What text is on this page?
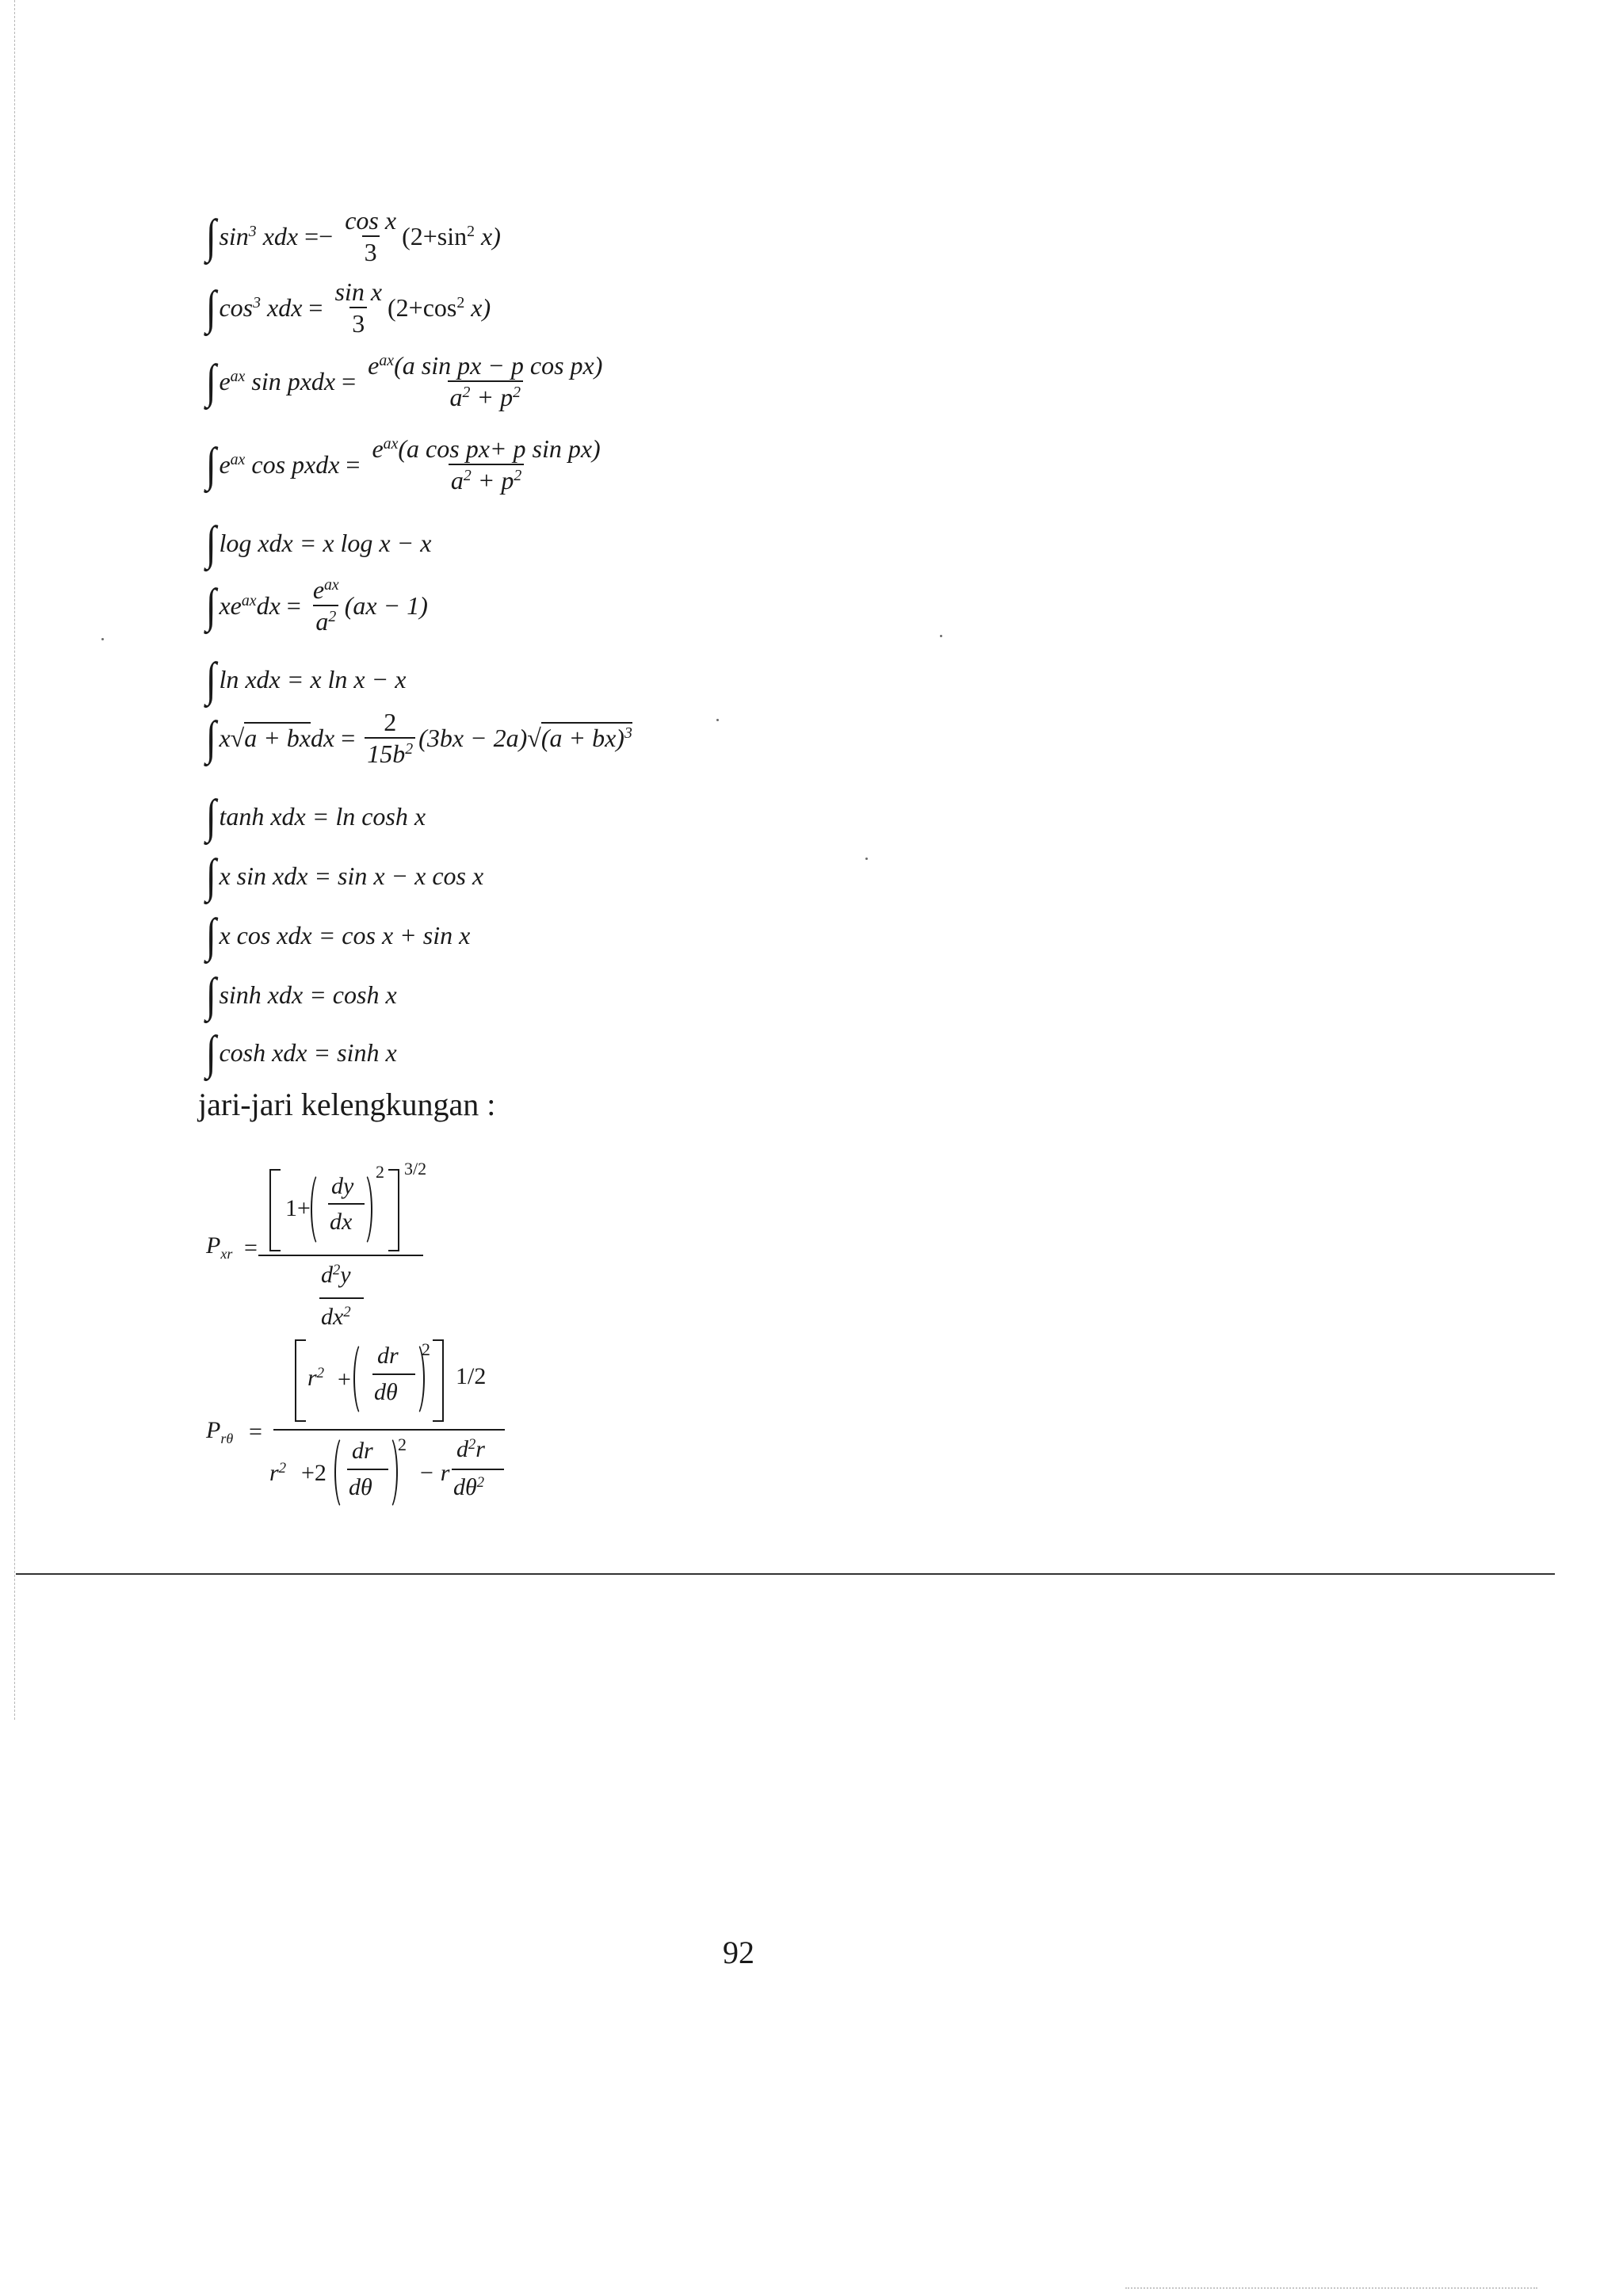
∫ $\sin^3$ xdx =− $\frac{\text{cos x}}{3} (2+\sin^2$ x)
∫ $\cos^3$ xdx = $\frac{\text{sin x}}{3} (2+\cos^2$ x)
∫ $e^{ax}$ sin pxdx = $\frac{e^{ax}(a \sin px - p \cos px)}{a^2 + p^2}$
∫ $e^{ax}$ cos pxdx = $\frac{e^{ax}(a \cos px+ p \sin px)}{a^2 + p^2}$
∫ log xdx = x log x − x
∫ $xe^{ax}dx = \frac{e^{ax}}{a^2} (ax - 1)$
∫ ln xdx = x ln x − x
∫ x√a + bxdx = $\frac{2}{15b^2} (3bx - 2a)√(a + bx)^3$
∫ tanh xdx = ln cosh x
∫ x sin xdx = sin x − x cos x
∫ x cos xdx = cos x + sin x
∫ sinh xdx = cosh x
∫ cosh xdx = sinh x
jari-jari kelengkungan :
$P_{xr}$ =
1+
dy
dx
2 3/2
$d^2y$
$dx^2$
$P_{r\theta}$ =
$r^2$ +
dr
dθ
2
1/2
$r^2 +2$
dr
dθ
2
− r
$d^2r$
$d\theta^2$
92
